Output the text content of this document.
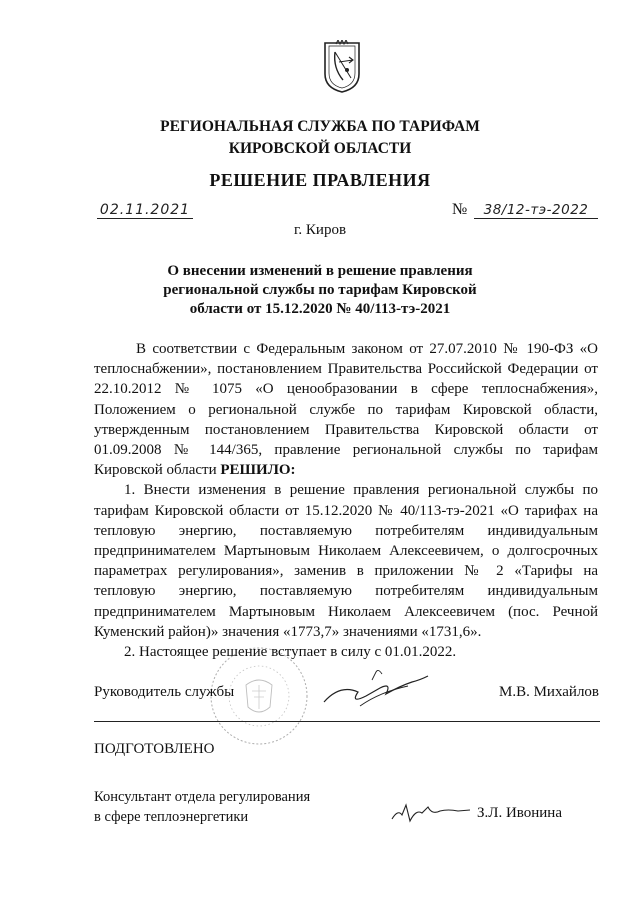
РЕГИОНАЛЬНАЯ СЛУЖБА ПО ТАРИФАМ
КИРОВСКОЙ ОБЛАСТИ
РЕШЕНИЕ ПРАВЛЕНИЯ
02.11.2021	№	38/12-тэ-2022
г. Киров
О внесении изменений в решение правления
региональной службы по тарифам Кировской
области от 15.12.2020 № 40/113-тэ-2021

В соответствии с Федеральным законом от 27.07.2010 № 190-ФЗ «О теплоснабжении», постановлением Правительства Российской Федерации от 22.10.2012 № 1075 «О ценообразовании в сфере теплоснабжения», Положением о региональной службе по тарифам Кировской области, утвержденным постановлением Правительства Кировской области от 01.09.2008 № 144/365, правление региональной службы по тарифам Кировской области РЕШИЛО:

1. Внести изменения в решение правления региональной службы по тарифам Кировской области от 15.12.2020 № 40/113-тэ-2021 «О тарифах на тепловую энергию, поставляемую потребителям индивидуальным предпринимателем Мартыновым Николаем Алексеевичем, о долгосрочных параметрах регулирования», заменив в приложении № 2 «Тарифы на тепловую энергию, поставляемую потребителям индивидуальным предпринимателем Мартыновым Николаем Алексеевичем (пос. Речной Куменский район)» значения «1773,7» значениями «1731,6».

2. Настоящее решение вступает в силу с 01.01.2022.

Руководитель службы	М.В. Михайлов
ПОДГОТОВЛЕНО
Консультант отдела регулирования
в сфере теплоэнергетики	З.Л. Ивонина
